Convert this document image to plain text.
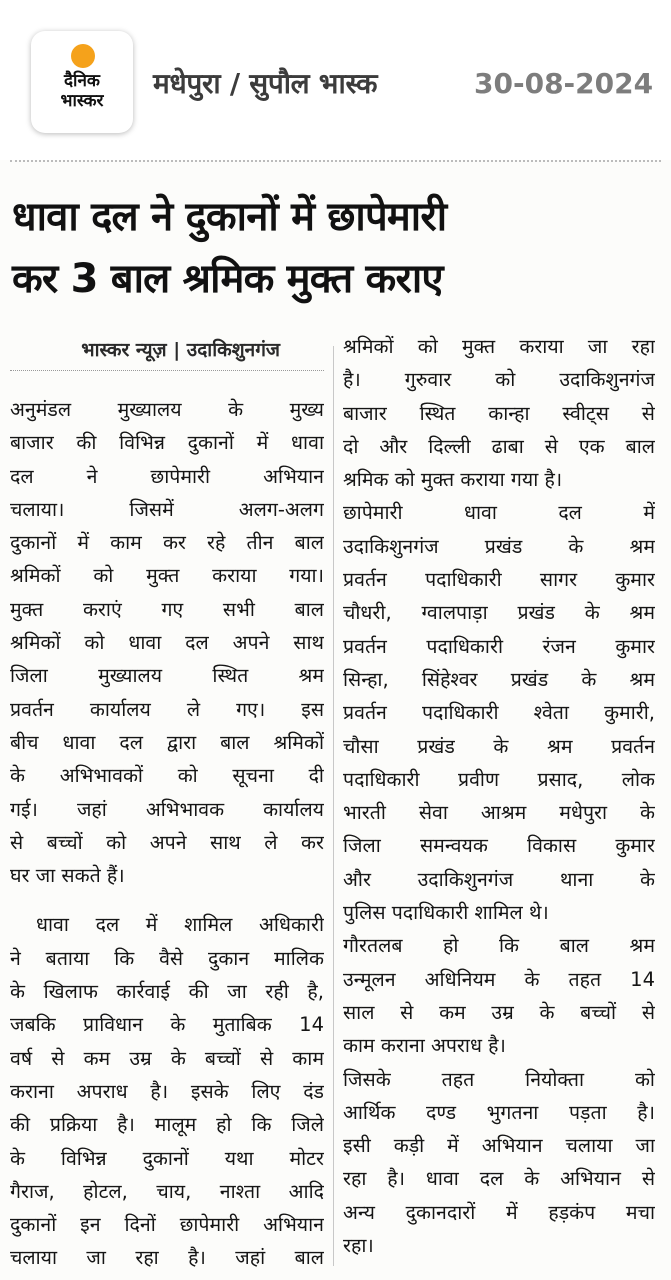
दैनिक
भास्कर
मधेपुरा / सुपौल भास्क	30-08-2024
धावा दल ने दुकानों में छापेमारी
कर 3 बाल श्रमिक मुक्त कराए
भास्कर न्यूज़ | उदाकिशुनगंज
अनुमंडल मुख्यालय के मुख्य
बाजार की विभिन्न दुकानों में धावा
दल ने छापेमारी अभियान
चलाया। जिसमें अलग-अलग
दुकानों में काम कर रहे तीन बाल
श्रमिकों को मुक्त कराया गया।
मुक्त कराएं गए सभी बाल
श्रमिकों को धावा दल अपने साथ
जिला मुख्यालय स्थित श्रम
प्रवर्तन कार्यालय ले गए। इस
बीच धावा दल द्वारा बाल श्रमिकों
के अभिभावकों को सूचना दी
गई। जहां अभिभावक कार्यालय
से बच्चों को अपने साथ ले कर
घर जा सकते हैं।
धावा दल में शामिल अधिकारी
ने बताया कि वैसे दुकान मालिक
के खिलाफ कार्रवाई की जा रही है,
जबकि प्राविधान के मुताबिक 14
वर्ष से कम उम्र के बच्चों से काम
कराना अपराध है। इसके लिए दंड
की प्रक्रिया है। मालूम हो कि जिले
के विभिन्न दुकानों यथा मोटर
गैराज, होटल, चाय, नाश्ता आदि
दुकानों इन दिनों छापेमारी अभियान
चलाया जा रहा है। जहां बाल
श्रमिकों को मुक्त कराया जा रहा
है। गुरुवार को उदाकिशुनगंज
बाजार स्थित कान्हा स्वीट्स से
दो और दिल्ली ढाबा से एक बाल
श्रमिक को मुक्त कराया गया है।
छापेमारी धावा दल में
उदाकिशुनगंज प्रखंड के श्रम
प्रवर्तन पदाधिकारी सागर कुमार
चौधरी, ग्वालपाड़ा प्रखंड के श्रम
प्रवर्तन पदाधिकारी रंजन कुमार
सिन्हा, सिंहेश्वर प्रखंड के श्रम
प्रवर्तन पदाधिकारी श्वेता कुमारी,
चौसा प्रखंड के श्रम प्रवर्तन
पदाधिकारी प्रवीण प्रसाद, लोक
भारती सेवा आश्रम मधेपुरा के
जिला समन्वयक विकास कुमार
और उदाकिशुनगंज थाना के
पुलिस पदाधिकारी शामिल थे।
गौरतलब हो कि बाल श्रम
उन्मूलन अधिनियम के तहत 14
साल से कम उम्र के बच्चों से
काम कराना अपराध है।
जिसके तहत नियोक्ता को
आर्थिक दण्ड भुगतना पड़ता है।
इसी कड़ी में अभियान चलाया जा
रहा है। धावा दल के अभियान से
अन्य दुकानदारों में हड़कंप मचा
रहा।
